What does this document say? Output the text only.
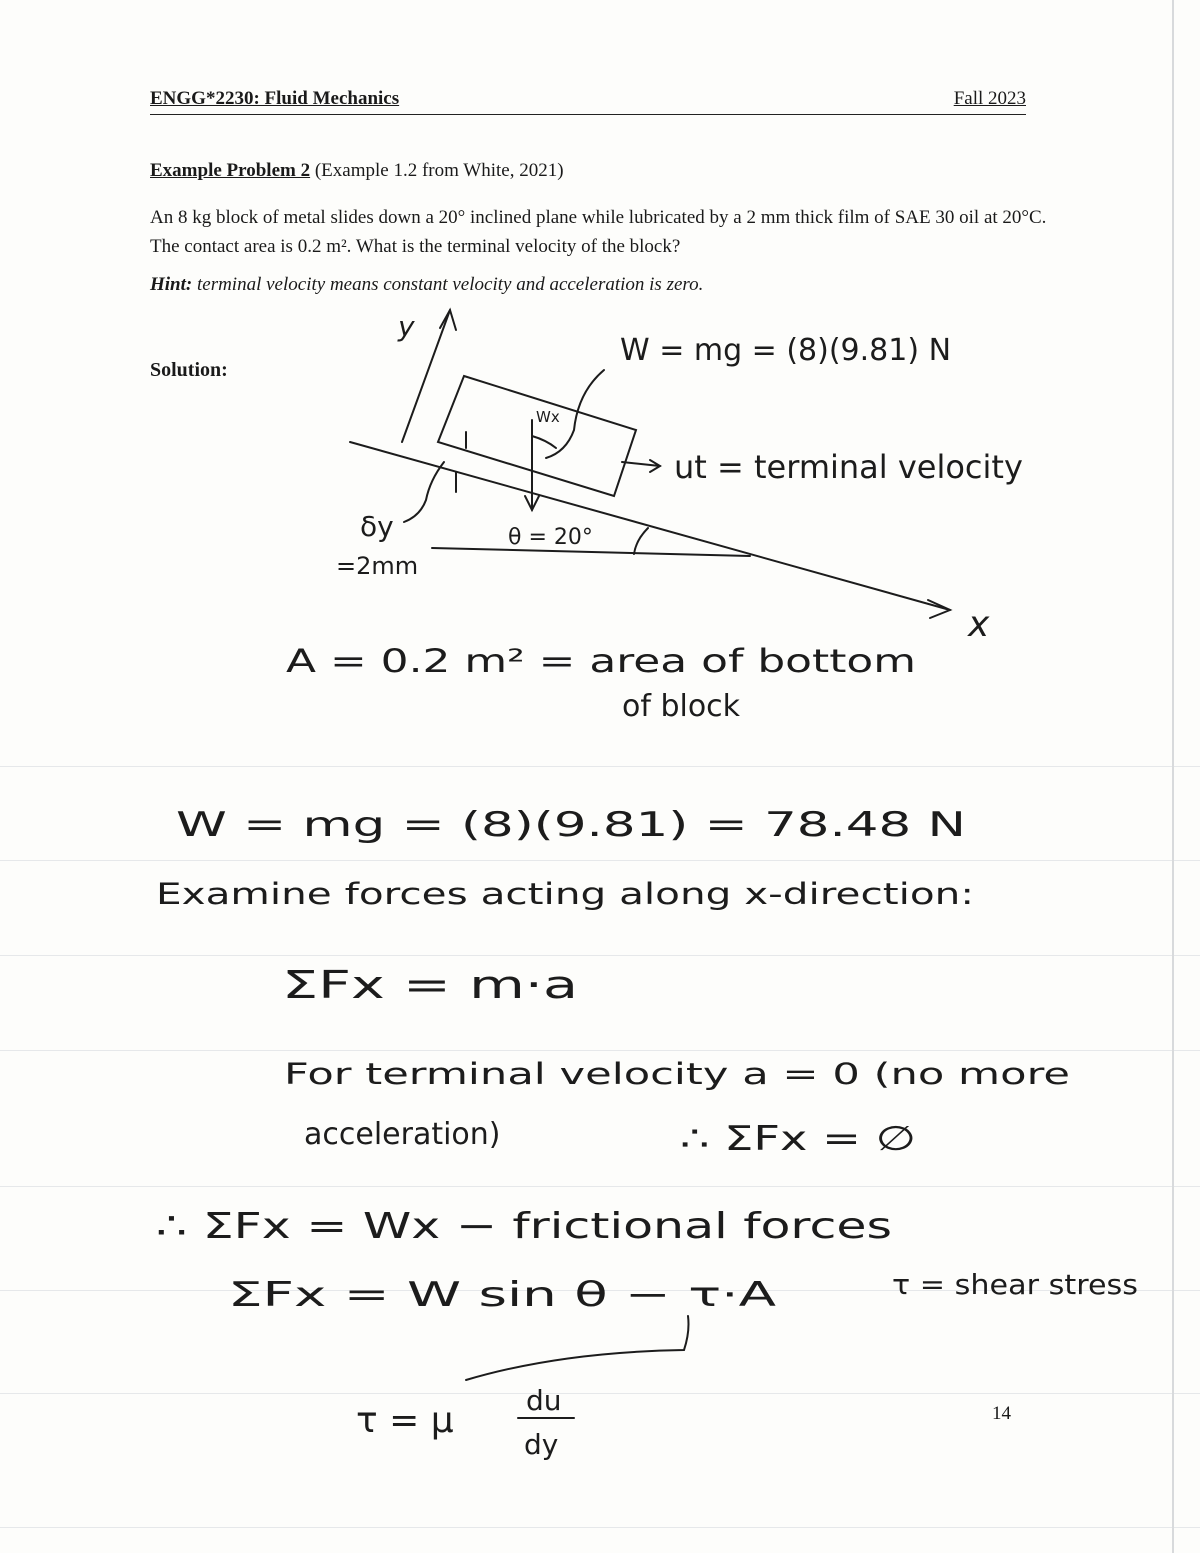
ENGG*2230: Fluid Mechanics	Fall 2023
Example Problem 2 (Example 1.2 from White, 2021)
An 8 kg block of metal slides down a 20° inclined plane while lubricated by a 2 mm thick film of SAE 30 oil at 20°C. The contact area is 0.2 m². What is the terminal velocity of the block?
Hint: terminal velocity means constant velocity and acceleration is zero.
Solution:
14
y
x
W = mg = (8)(9.81) N
Wx
ut = terminal velocity
δy
=2mm
θ = 20°
A = 0.2 m² = area of bottom
of block
W = mg = (8)(9.81) = 78.48 N
Examine forces acting along x-direction:
ΣFx = m·a
For terminal velocity a = 0 (no more
acceleration)	∴ ΣFx = ∅
∴ ΣFx = Wx − frictional forces
ΣFx = W sin θ − τ·A	τ = shear stress
τ = μ	du
dy
